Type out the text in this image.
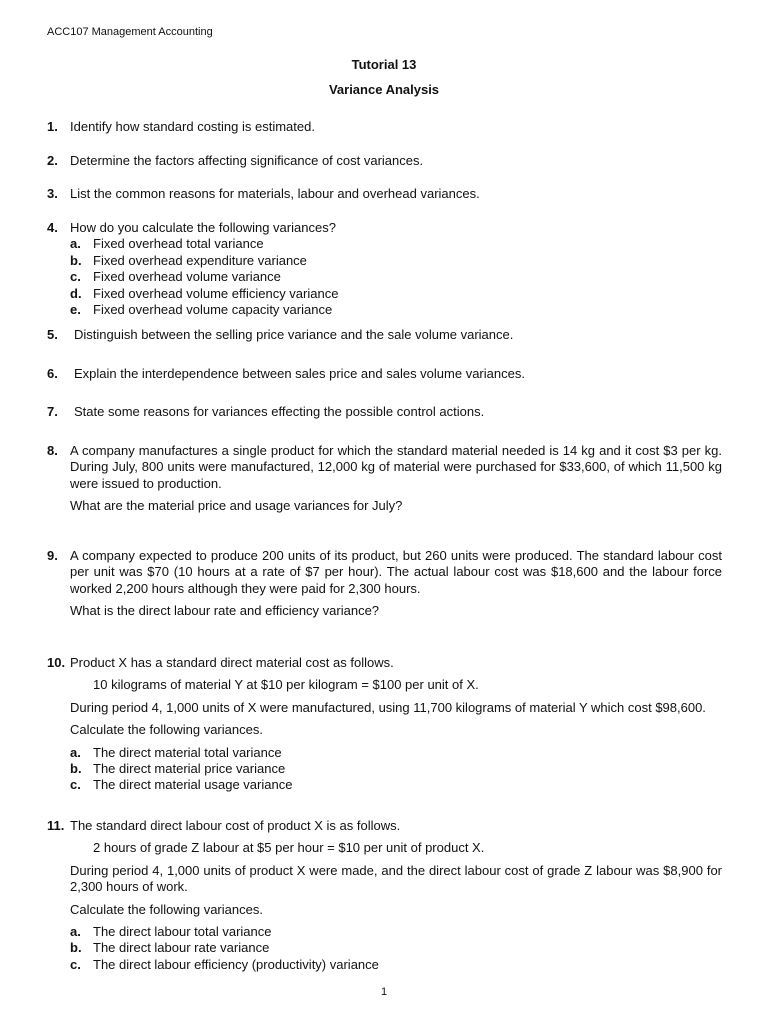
ACC107 Management Accounting
Tutorial 13
Variance Analysis
1. Identify how standard costing is estimated.
2. Determine the factors affecting significance of cost variances.
3. List the common reasons for materials, labour and overhead variances.
4. How do you calculate the following variances?
a. Fixed overhead total variance
b. Fixed overhead expenditure variance
c. Fixed overhead volume variance
d. Fixed overhead volume efficiency variance
e. Fixed overhead volume capacity variance
5. Distinguish between the selling price variance and the sale volume variance.
6. Explain the interdependence between sales price and sales volume variances.
7. State some reasons for variances effecting the possible control actions.
8. A company manufactures a single product for which the standard material needed is 14 kg and it cost $3 per kg. During July, 800 units were manufactured, 12,000 kg of material were purchased for $33,600, of which 11,500 kg were issued to production.
What are the material price and usage variances for July?
9. A company expected to produce 200 units of its product, but 260 units were produced. The standard labour cost per unit was $70 (10 hours at a rate of $7 per hour). The actual labour cost was $18,600 and the labour force worked 2,200 hours although they were paid for 2,300 hours.
What is the direct labour rate and efficiency variance?
10. Product X has a standard direct material cost as follows.
10 kilograms of material Y at $10 per kilogram = $100 per unit of X.
During period 4, 1,000 units of X were manufactured, using 11,700 kilograms of material Y which cost $98,600.
Calculate the following variances.
a. The direct material total variance
b. The direct material price variance
c. The direct material usage variance
11. The standard direct labour cost of product X is as follows.
2 hours of grade Z labour at $5 per hour = $10 per unit of product X.
During period 4, 1,000 units of product X were made, and the direct labour cost of grade Z labour was $8,900 for 2,300 hours of work.
Calculate the following variances.
a. The direct labour total variance
b. The direct labour rate variance
c. The direct labour efficiency (productivity) variance
1
